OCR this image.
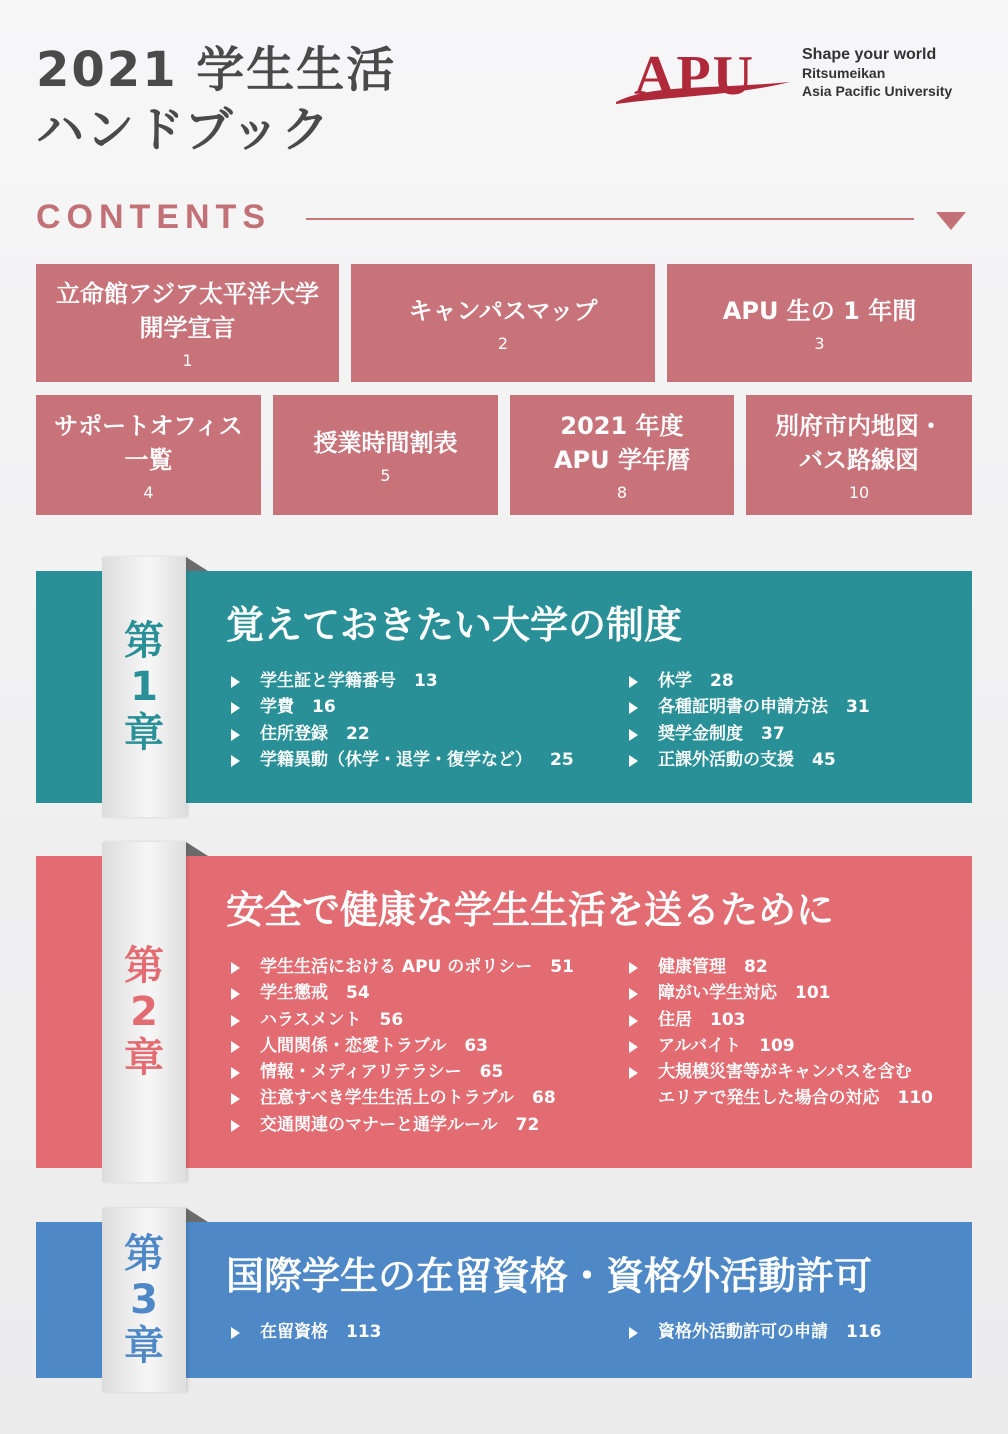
2021 学生生活
ハンドブック
APU	Shape your world
Ritsumeikan
Asia Pacific University
CONTENTS
立命館アジア太平洋大学
開学宣言
1
キャンパスマップ
2
APU 生の 1 年間
3
サポートオフィス
一覧
4
授業時間割表
5
2021 年度
APU 学年暦
8
別府市内地図・
バス路線図
10
第
1
章
覚えておきたい大学の制度
学生証と学籍番号 13
学費 16
住所登録 22
学籍異動（休学・退学・復学など） 25
休学 28
各種証明書の申請方法 31
奨学金制度 37
正課外活動の支援 45
第
2
章
安全で健康な学生生活を送るために
学生生活における APU のポリシー 51
学生懲戒 54
ハラスメント 56
人間関係・恋愛トラブル 63
情報・メディアリテラシー 65
注意すべき学生生活上のトラブル 68
交通関連のマナーと通学ルール 72
健康管理 82
障がい学生対応 101
住居 103
アルバイト 109
大規模災害等がキャンパスを含む
エリアで発生した場合の対応 110
第
3
章
国際学生の在留資格・資格外活動許可
在留資格 113	資格外活動許可の申請 116
